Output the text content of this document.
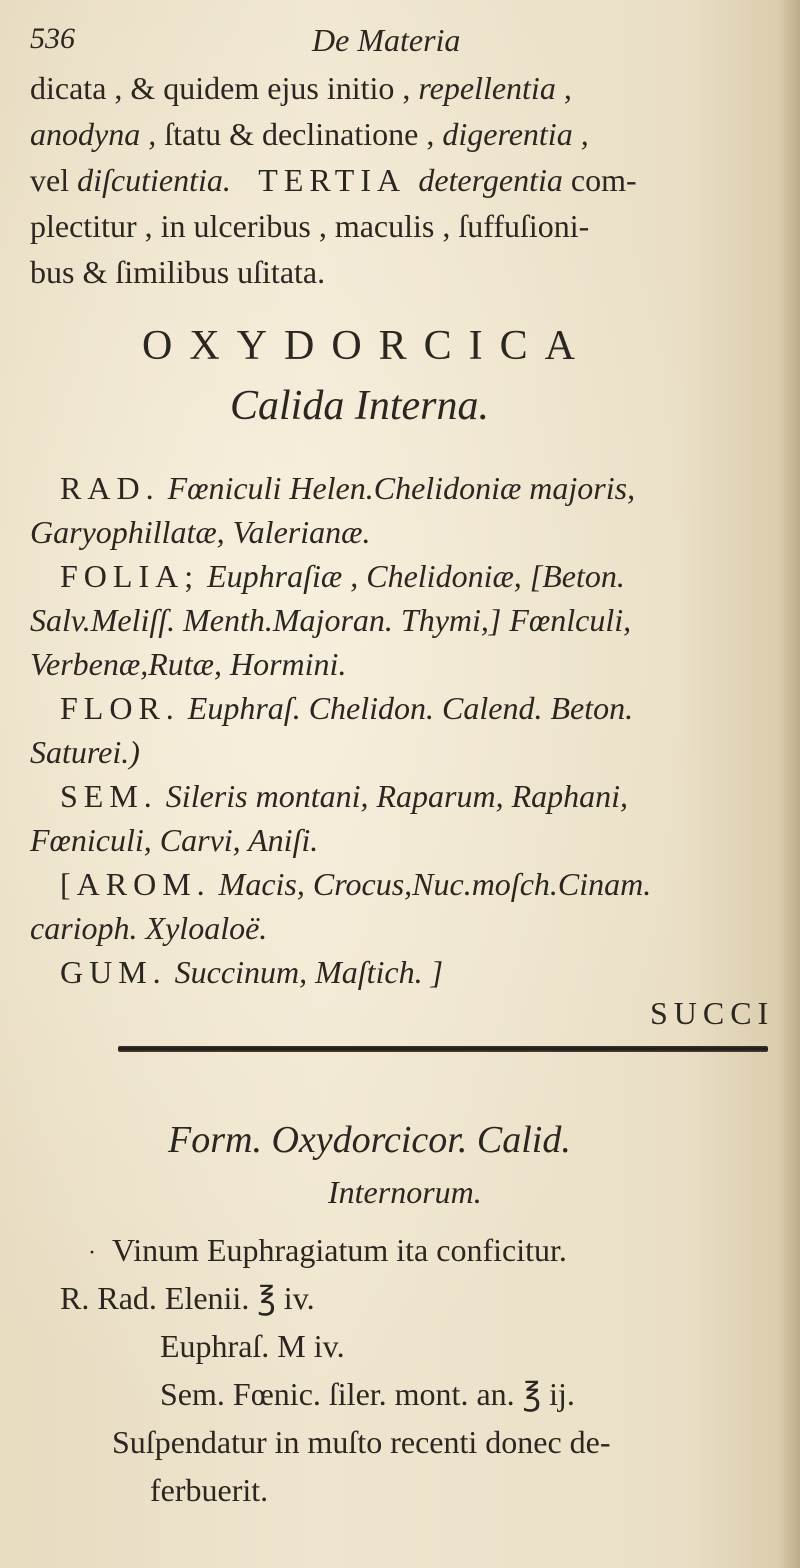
536	De Materia
dicata , & quidem ejus initio , repellentia ,
anodyna , ſtatu & declinatione , digerentia ,
vel diſcutientia.  TERTIA detergentia com-
plectitur , in ulceribus , maculis , ſuffuſioni-
bus & ſimilibus uſitata.
OXYDORCICA
Calida Interna.
RAD. Fœniculi Helen.Chelidoniæ majoris,
Garyophillatæ, Valerianæ.
FOLIA; Euphraſiæ , Chelidoniæ, [Beton.
Salv.Meliſſ. Menth.Majoran. Thymi,] Fœnlculi,
Verbenæ,Rutæ, Hormini.
FLOR. Euphraſ. Chelidon. Calend. Beton.
Saturei.)
SEM. Sileris montani, Raparum, Raphani,
Fœniculi, Carvi, Aniſi.
[AROM. Macis, Crocus,Nuc.moſch.Cinam.
carioph. Xyloaloë.
GUM. Succinum, Maſtich. ]
SUCCI
Form. Oxydorcicor. Calid.
Internorum.
· Vinum Euphragiatum ita conficitur.
R. Rad. Elenii. ℥ iv.
Euphraſ. M iv.
Sem. Fœnic. ſiler. mont. an. ℥ ij.
Suſpendatur in muſto recenti donec de-
ferbuerit.
